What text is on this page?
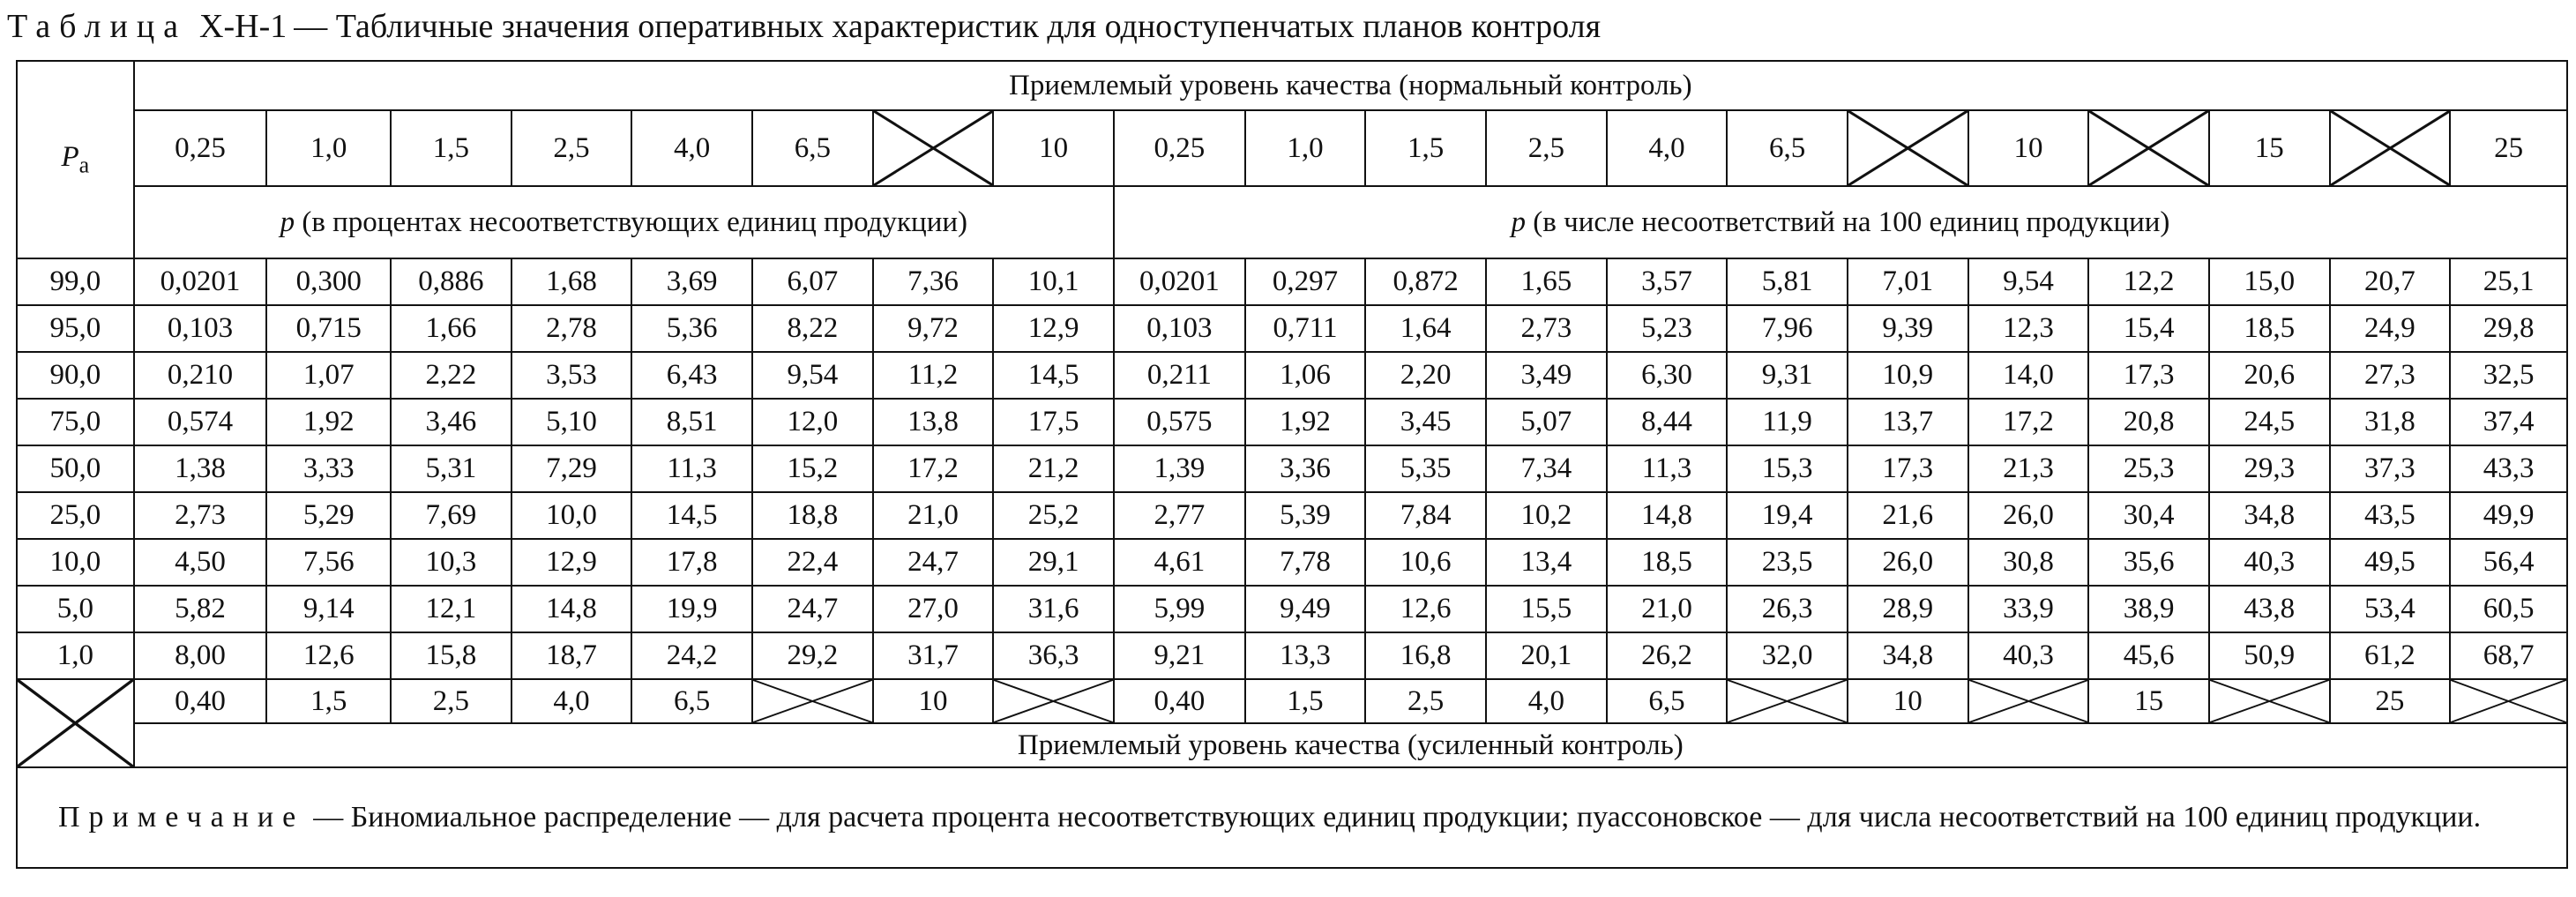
Таблица X-H-1 — Табличные значения оперативных характеристик для одноступенчатых планов контроля
$P_a$	Приемлемый уровень качества (нормальный контроль)																			
	0,25	1,0	1,5	2,5	4,0	6,5		10	0,25	1,0	1,5	2,5	4,0	6,5		10		15		25
	p (в процентах несоответствующих единиц продукции)								p (в числе несоответствий на 100 единиц продукции)											
99,0	0,0201	0,300	0,886	1,68	3,69	6,07	7,36	10,1	0,0201	0,297	0,872	1,65	3,57	5,81	7,01	9,54	12,2	15,0	20,7	25,1
95,0	0,103	0,715	1,66	2,78	5,36	8,22	9,72	12,9	0,103	0,711	1,64	2,73	5,23	7,96	9,39	12,3	15,4	18,5	24,9	29,8
90,0	0,210	1,07	2,22	3,53	6,43	9,54	11,2	14,5	0,211	1,06	2,20	3,49	6,30	9,31	10,9	14,0	17,3	20,6	27,3	32,5
75,0	0,574	1,92	3,46	5,10	8,51	12,0	13,8	17,5	0,575	1,92	3,45	5,07	8,44	11,9	13,7	17,2	20,8	24,5	31,8	37,4
50,0	1,38	3,33	5,31	7,29	11,3	15,2	17,2	21,2	1,39	3,36	5,35	7,34	11,3	15,3	17,3	21,3	25,3	29,3	37,3	43,3
25,0	2,73	5,29	7,69	10,0	14,5	18,8	21,0	25,2	2,77	5,39	7,84	10,2	14,8	19,4	21,6	26,0	30,4	34,8	43,5	49,9
10,0	4,50	7,56	10,3	12,9	17,8	22,4	24,7	29,1	4,61	7,78	10,6	13,4	18,5	23,5	26,0	30,8	35,6	40,3	49,5	56,4
5,0	5,82	9,14	12,1	14,8	19,9	24,7	27,0	31,6	5,99	9,49	12,6	15,5	21,0	26,3	28,9	33,9	38,9	43,8	53,4	60,5
1,0	8,00	12,6	15,8	18,7	24,2	29,2	31,7	36,3	9,21	13,3	16,8	20,1	26,2	32,0	34,8	40,3	45,6	50,9	61,2	68,7

	0,40	1,5	2,5	4,0	6,5		10		0,40	1,5	2,5	4,0	6,5		10		15		25	

	Приемлемый уровень качества (усиленный контроль)																			
Примечание — Биномиальное распределение — для расчета процента несоответствующих единиц продукции; пуассоновское — для числа несоответствий на 100 единиц продукции.																				
